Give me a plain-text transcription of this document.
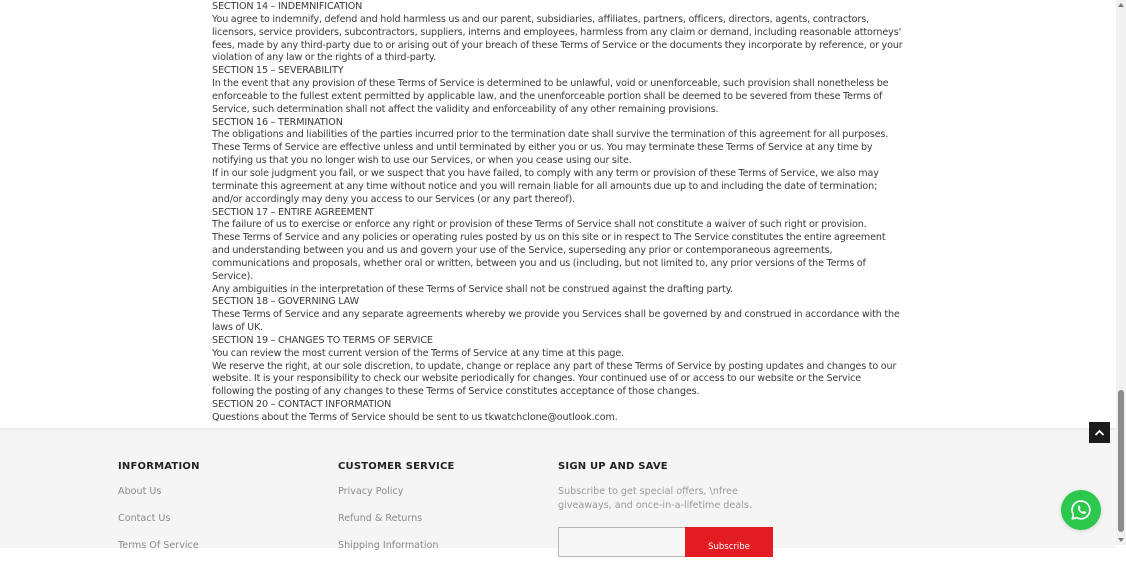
SECTION 14 – INDEMNIFICATION

You agree to indemnify, defend and hold harmless us and our parent, subsidiaries, affiliates, partners, officers, directors, agents, contractors, licensors, service providers, subcontractors, suppliers, interns and employees, harmless from any claim or demand, including reasonable attorneys' fees, made by any third-party due to or arising out of your breach of these Terms of Service or the documents they incorporate by reference, or your violation of any law or the rights of a third-party.

SECTION 15 – SEVERABILITY

In the event that any provision of these Terms of Service is determined to be unlawful, void or unenforceable, such provision shall nonetheless be enforceable to the fullest extent permitted by applicable law, and the unenforceable portion shall be deemed to be severed from these Terms of Service, such determination shall not affect the validity and enforceability of any other remaining provisions.

SECTION 16 – TERMINATION

The obligations and liabilities of the parties incurred prior to the termination date shall survive the termination of this agreement for all purposes.

These Terms of Service are effective unless and until terminated by either you or us. You may terminate these Terms of Service at any time by notifying us that you no longer wish to use our Services, or when you cease using our site.

If in our sole judgment you fail, or we suspect that you have failed, to comply with any term or provision of these Terms of Service, we also may terminate this agreement at any time without notice and you will remain liable for all amounts due up to and including the date of termination; and/or accordingly may deny you access to our Services (or any part thereof).

SECTION 17 – ENTIRE AGREEMENT

The failure of us to exercise or enforce any right or provision of these Terms of Service shall not constitute a waiver of such right or provision.

These Terms of Service and any policies or operating rules posted by us on this site or in respect to The Service constitutes the entire agreement and understanding between you and us and govern your use of the Service, superseding any prior or contemporaneous agreements, communications and proposals, whether oral or written, between you and us (including, but not limited to, any prior versions of the Terms of Service).

Any ambiguities in the interpretation of these Terms of Service shall not be construed against the drafting party.

SECTION 18 – GOVERNING LAW

These Terms of Service and any separate agreements whereby we provide you Services shall be governed by and construed in accordance with the laws of UK.

SECTION 19 – CHANGES TO TERMS OF SERVICE

You can review the most current version of the Terms of Service at any time at this page.

We reserve the right, at our sole discretion, to update, change or replace any part of these Terms of Service by posting updates and changes to our website. It is your responsibility to check our website periodically for changes. Your continued use of or access to our website or the Service following the posting of any changes to these Terms of Service constitutes acceptance of those changes.

SECTION 20 – CONTACT INFORMATION

Questions about the Terms of Service should be sent to us tkwatchclone@outlook.com.

INFORMATION
About Us
Contact Us
Terms Of Service
CUSTOMER SERVICE
Privacy Policy
Refund & Returns
Shipping Information
SIGN UP AND SAVE
Subscribe to get special offers, \nfree giveaways, and once-in-a-lifetime deals.
Subscribe
